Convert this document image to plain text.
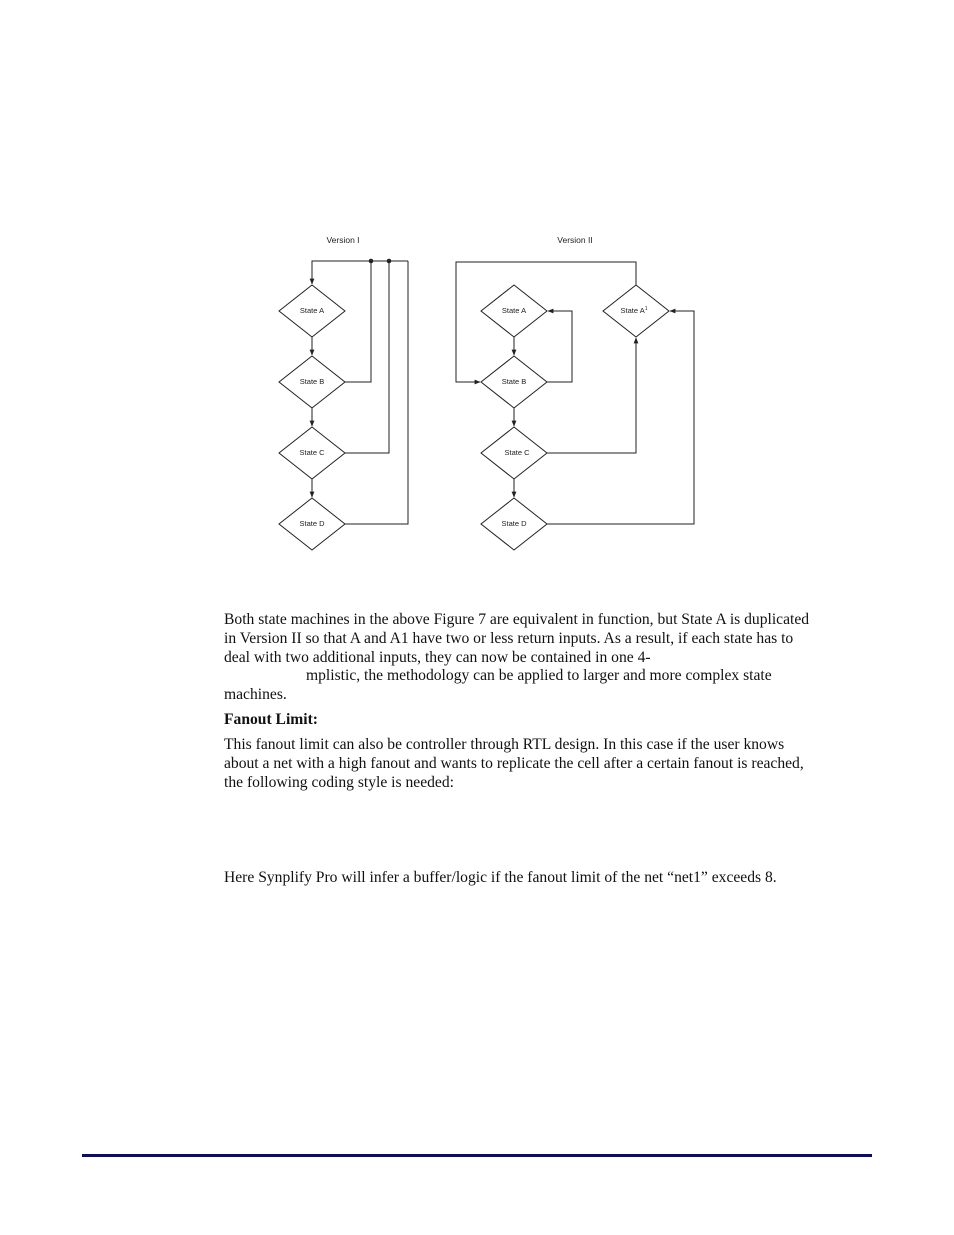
Version I
State A
State B
State C
State D
Version II
State A
State B
State C
State D
State $A^1$

Both state machines in the above Figure 7 are equivalent in function, but State A is duplicated

in Version II so that A and A1 have two or less return inputs. As a result, if each state has to

deal with two additional inputs, they can now be contained in one 4-

mplistic, the methodology can be applied to larger and more complex state

machines.

Fanout Limit:

This fanout limit can also be controller through RTL design. In this case if the user knows

about a net with a high fanout and wants to replicate the cell after a certain fanout is reached,

the following coding style is needed:

Here Synplify Pro will infer a buffer/logic if the fanout limit of the net “net1” exceeds 8.
